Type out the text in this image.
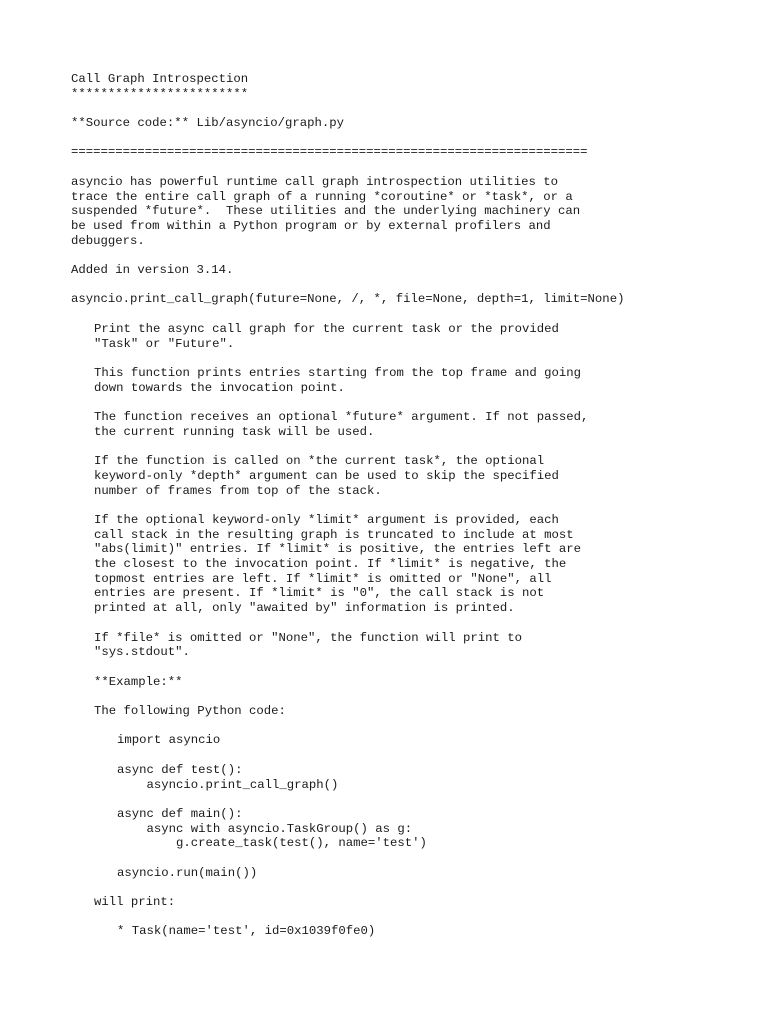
Call Graph Introspection

************************

**Source code:** Lib/asyncio/graph.py

======================================================================

asyncio has powerful runtime call graph introspection utilities to
trace the entire call graph of a running *coroutine* or *task*, or a
suspended *future*.  These utilities and the underlying machinery can
be used from within a Python program or by external profilers and
debuggers.

Added in version 3.14.

asyncio.print_call_graph(future=None, /, *, file=None, depth=1, limit=None)

Print the async call graph for the current task or the provided
"Task" or "Future".

This function prints entries starting from the top frame and going
down towards the invocation point.

The function receives an optional *future* argument. If not passed,
the current running task will be used.

If the function is called on *the current task*, the optional
keyword-only *depth* argument can be used to skip the specified
number of frames from top of the stack.

If the optional keyword-only *limit* argument is provided, each
call stack in the resulting graph is truncated to include at most
"abs(limit)" entries. If *limit* is positive, the entries left are
the closest to the invocation point. If *limit* is negative, the
topmost entries are left. If *limit* is omitted or "None", all
entries are present. If *limit* is "0", the call stack is not
printed at all, only "awaited by" information is printed.

If *file* is omitted or "None", the function will print to
"sys.stdout".

**Example:**

The following Python code:

import asyncio

async def test():
asyncio.print_call_graph()

async def main():
async with asyncio.TaskGroup() as g:
g.create_task(test(), name='test')

asyncio.run(main())

will print:

* Task(name='test', id=0x1039f0fe0)
